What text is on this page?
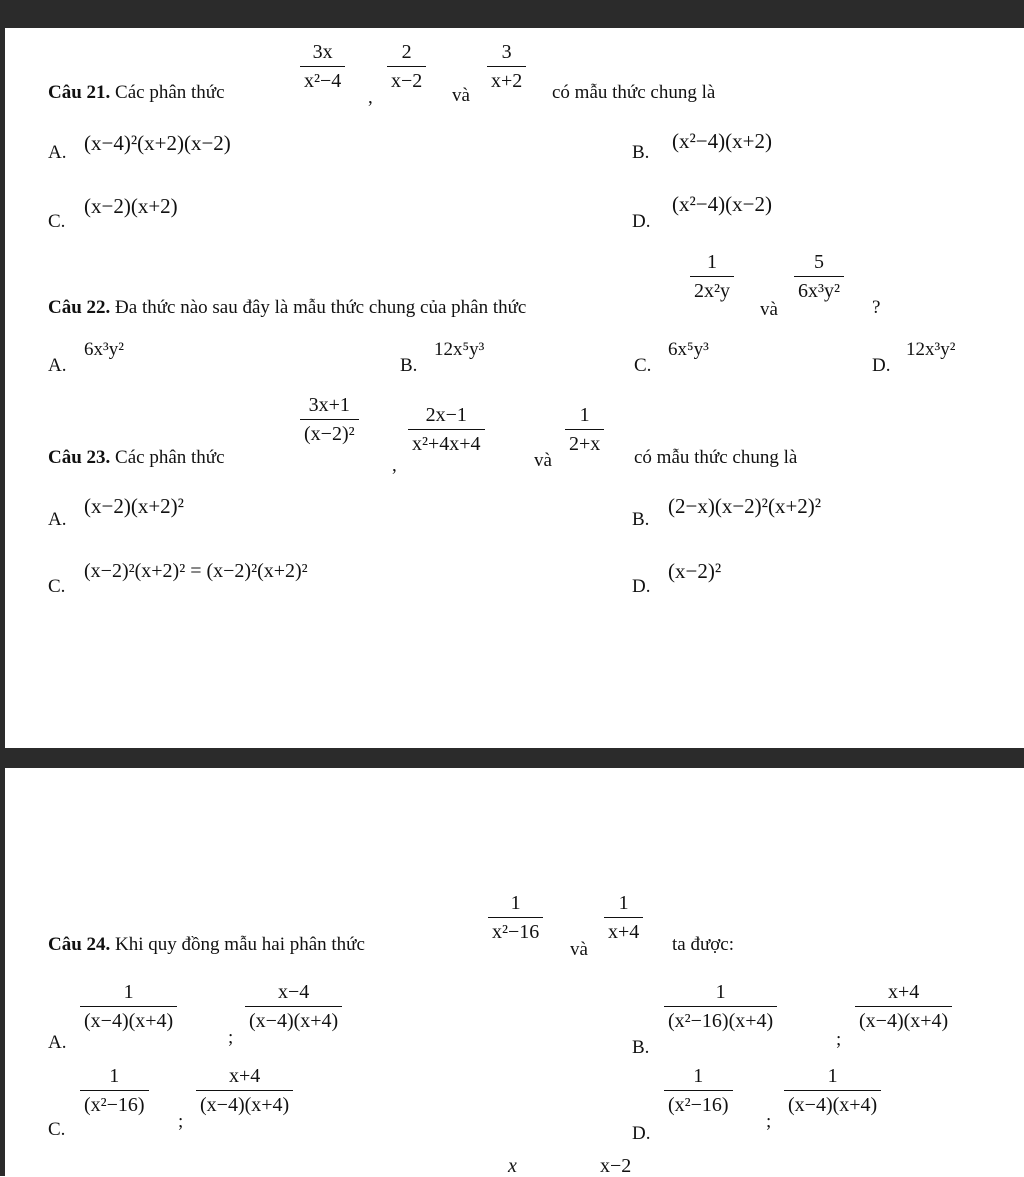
Câu 21. Các phân thức
$\frac{3x}{\text{x²−4}}$
,
$\frac{2}{x-2}$
và
$\frac{3}{x+2}$
có mẫu thức chung là
A. (x−4)²(x+2)(x−2)	B. (x²−4)(x+2)
C.
(x−2)(x+2)
D.
(x²−4)(x−2)
Câu 22. Đa thức nào sau đây là mẫu thức chung của phân thức
$\frac{1}{\text{2x²y}}$
và
$\frac{5}{\text{6x³y²}}$
?
A.
6x³y²
B.
12x⁵y³
C.
6x⁵y³
D.
12x³y²
Câu 23. Các phân thức
$\frac{3x+1}{\text{(x−2)²}}$
,
$\frac{2x-1}{\text{x²+4x+4}}$
và
$\frac{1}{2+x}$
có mẫu thức chung là
A.
(x−2)(x+2)²
B.
(2−x)(x−2)²(x+2)²
C.
(x−2)²(x+2)² = (x−2)²(x+2)²
D.
(x−2)²
Câu 24. Khi quy đồng mẫu hai phân thức
$\frac{1}{\text{x²−16}}$
và
$\frac{1}{x+4}$
ta được:
A.
$\frac{1}{(x-4)(x+4)}$
;
$\frac{x-4}{(x-4)(x+4)}$
B.
$\frac{1}{\text{(x²−16)(x+4)}}$
;
$\frac{x+4}{(x-4)(x+4)}$
C.
$\frac{1}{\text{(x²−16)}}$
;
$\frac{x+4}{(x-4)(x+4)}$
D.
$\frac{1}{\text{(x²−16)}}$
;
$\frac{1}{(x-4)(x+4)}$
x	x−2
